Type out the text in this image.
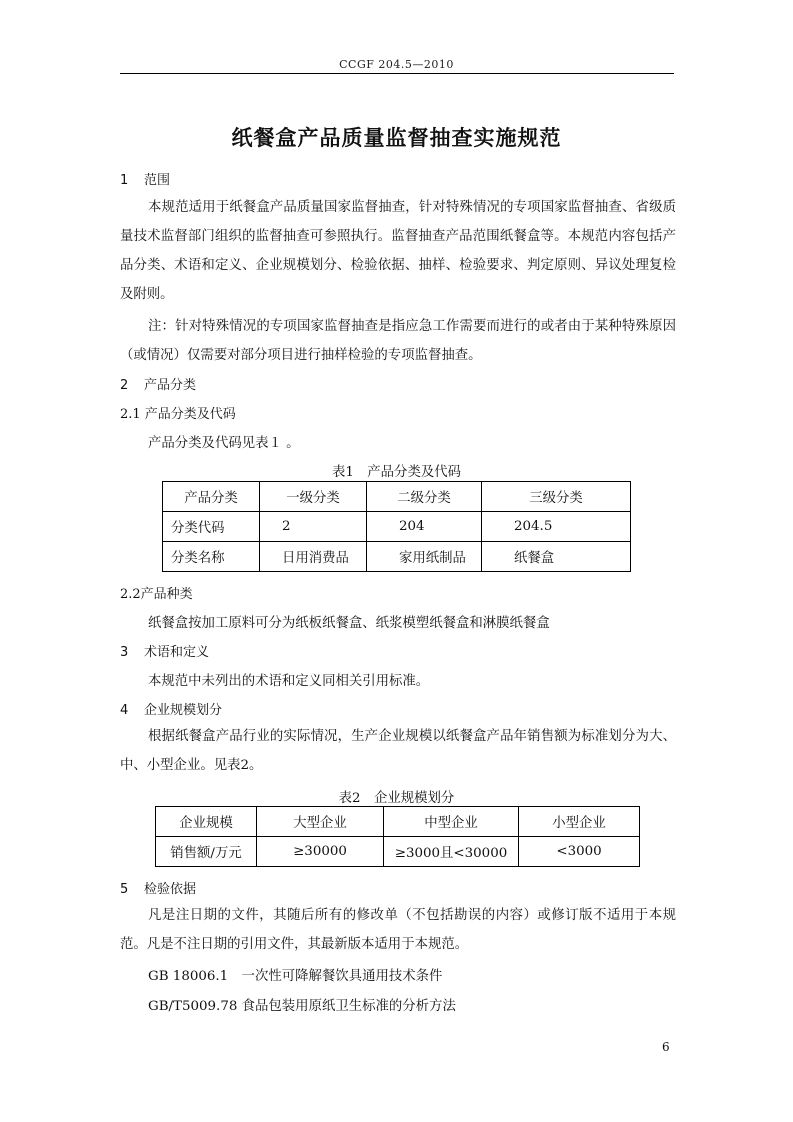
CCGF 204.5—2010
纸餐盒产品质量监督抽查实施规范
1 范围
本规范适用于纸餐盒产品质量国家监督抽查，针对特殊情况的专项国家监督抽查、省级质量技术监督部门组织的监督抽查可参照执行。监督抽查产品范围纸餐盒等。本规范内容包括产品分类、术语和定义、企业规模划分、检验依据、抽样、检验要求、判定原则、异议处理复检及附则。
注：针对特殊情况的专项国家监督抽查是指应急工作需要而进行的或者由于某种特殊原因（或情况）仅需要对部分项目进行抽样检验的专项监督抽查。
2 产品分类
2.1 产品分类及代码
产品分类及代码见表１ 。
表1　产品分类及代码
产品分类	一级分类	二级分类	三级分类
分类代码	2	204	204.5
分类名称	日用消费品	家用纸制品	纸餐盒
2.2产品种类
纸餐盒按加工原料可分为纸板纸餐盒、纸浆模塑纸餐盒和淋膜纸餐盒
3 术语和定义
本规范中未列出的术语和定义同相关引用标准。
4 企业规模划分
根据纸餐盒产品行业的实际情况，生产企业规模以纸餐盒产品年销售额为标准划分为大、中、小型企业。见表2。
表2　企业规模划分
企业规模	大型企业	中型企业	小型企业
销售额/万元	≥30000	≥3000且<30000	<3000
5 检验依据
凡是注日期的文件，其随后所有的修改单（不包括勘误的内容）或修订版不适用于本规范。凡是不注日期的引用文件，其最新版本适用于本规范。
GB 18006.1　一次性可降解餐饮具通用技术条件
GB/T5009.78 食品包装用原纸卫生标准的分析方法
6
